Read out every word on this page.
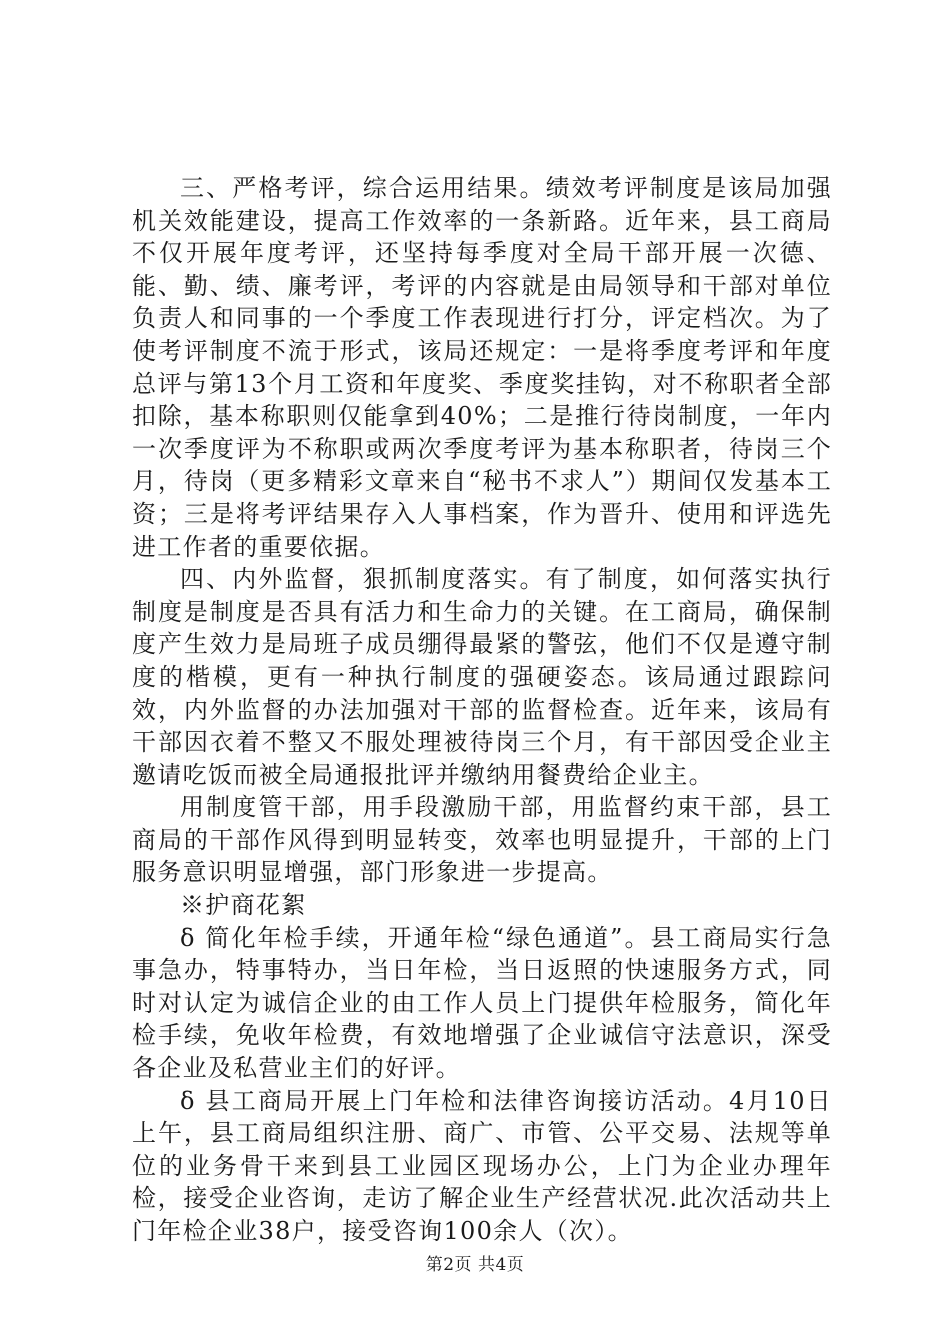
三、严格考评，综合运用结果。绩效考评制度是该局加强机关效能建设，提高工作效率的一条新路。近年来，县工商局不仅开展年度考评，还坚持每季度对全局干部开展一次德、能、勤、绩、廉考评，考评的内容就是由局领导和干部对单位负责人和同事的一个季度工作表现进行打分，评定档次。为了使考评制度不流于形式，该局还规定：一是将季度考评和年度总评与第13个月工资和年度奖、季度奖挂钩，对不称职者全部扣除，基本称职则仅能拿到40%；二是推行待岗制度，一年内一次季度评为不称职或两次季度考评为基本称职者，待岗三个月，待岗（更多精彩文章来自“秘书不求人”）期间仅发基本工资；三是将考评结果存入人事档案，作为晋升、使用和评选先进工作者的重要依据。

四、内外监督，狠抓制度落实。有了制度，如何落实执行制度是制度是否具有活力和生命力的关键。在工商局，确保制度产生效力是局班子成员绷得最紧的警弦，他们不仅是遵守制度的楷模，更有一种执行制度的强硬姿态。该局通过跟踪问效，内外监督的办法加强对干部的监督检查。近年来，该局有干部因衣着不整又不服处理被待岗三个月，有干部因受企业主邀请吃饭而被全局通报批评并缴纳用餐费给企业主。

用制度管干部，用手段激励干部，用监督约束干部，县工商局的干部作风得到明显转变，效率也明显提升，干部的上门服务意识明显增强，部门形象进一步提高。

※护商花絮

δ 简化年检手续，开通年检“绿色通道”。县工商局实行急事急办，特事特办，当日年检，当日返照的快速服务方式，同时对认定为诚信企业的由工作人员上门提供年检服务，简化年检手续，免收年检费，有效地增强了企业诚信守法意识，深受各企业及私营业主们的好评。

δ 县工商局开展上门年检和法律咨询接访活动。4月10日上午，县工商局组织注册、商广、市管、公平交易、法规等单位的业务骨干来到县工业园区现场办公，上门为企业办理年检，接受企业咨询，走访了解企业生产经营状况.此次活动共上门年检企业38户，接受咨询100余人（次）。

第2页 共4页
